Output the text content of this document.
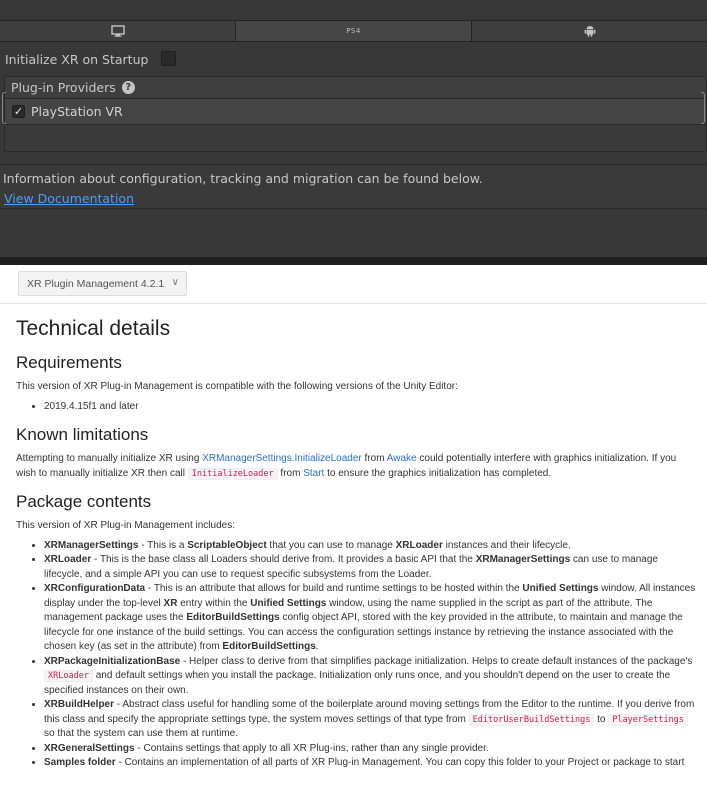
PS4
Initialize XR on Startup
Plug-in Providers ?
✓ PlayStation VR
Information about configuration, tracking and migration can be found below.
View Documentation
XR Plugin Management 4.2.1 ∨
Technical details
Requirements

This version of XR Plug-in Management is compatible with the following versions of the Unity Editor:

• 2019.4.15f1 and later
Known limitations

Attempting to manually initialize XR using XRManagerSettings.InitializeLoader from Awake could potentially interfere with graphics initialization. If you wish to manually initialize XR then call InitializeLoader from Start to ensure the graphics initialization has completed.

Package contents

This version of XR Plug-in Management includes:

• XRManagerSettings - This is a ScriptableObject that you can use to manage XRLoader instances and their lifecycle.
• XRLoader - This is the base class all Loaders should derive from. It provides a basic API that the XRManagerSettings can use to manage lifecycle, and a simple API you can use to request specific subsystems from the Loader.
• XRConfigurationData - This is an attribute that allows for build and runtime settings to be hosted within the Unified Settings window. All instances display under the top-level XR entry within the Unified Settings window, using the name supplied in the script as part of the attribute. The management package uses the EditorBuildSettings config object API, stored with the key provided in the attribute, to maintain and manage the lifecycle for one instance of the build settings. You can access the configuration settings instance by retrieving the instance associated with the chosen key (as set in the attribute) from EditorBuildSettings.
• XRPackageInitializationBase - Helper class to derive from that simplifies package initialization. Helps to create default instances of the package's XRLoader and default settings when you install the package. Initialization only runs once, and you shouldn't depend on the user to create the specified instances on their own.
• XRBuildHelper - Abstract class useful for handling some of the boilerplate around moving settings from the Editor to the runtime. If you derive from this class and specify the appropriate settings type, the system moves settings of that type from EditorUserBuildSettings to PlayerSettings so that the system can use them at runtime.
• XRGeneralSettings - Contains settings that apply to all XR Plug-ins, rather than any single provider.
• Samples folder - Contains an implementation of all parts of XR Plug-in Management. You can copy this folder to your Project or package to start
